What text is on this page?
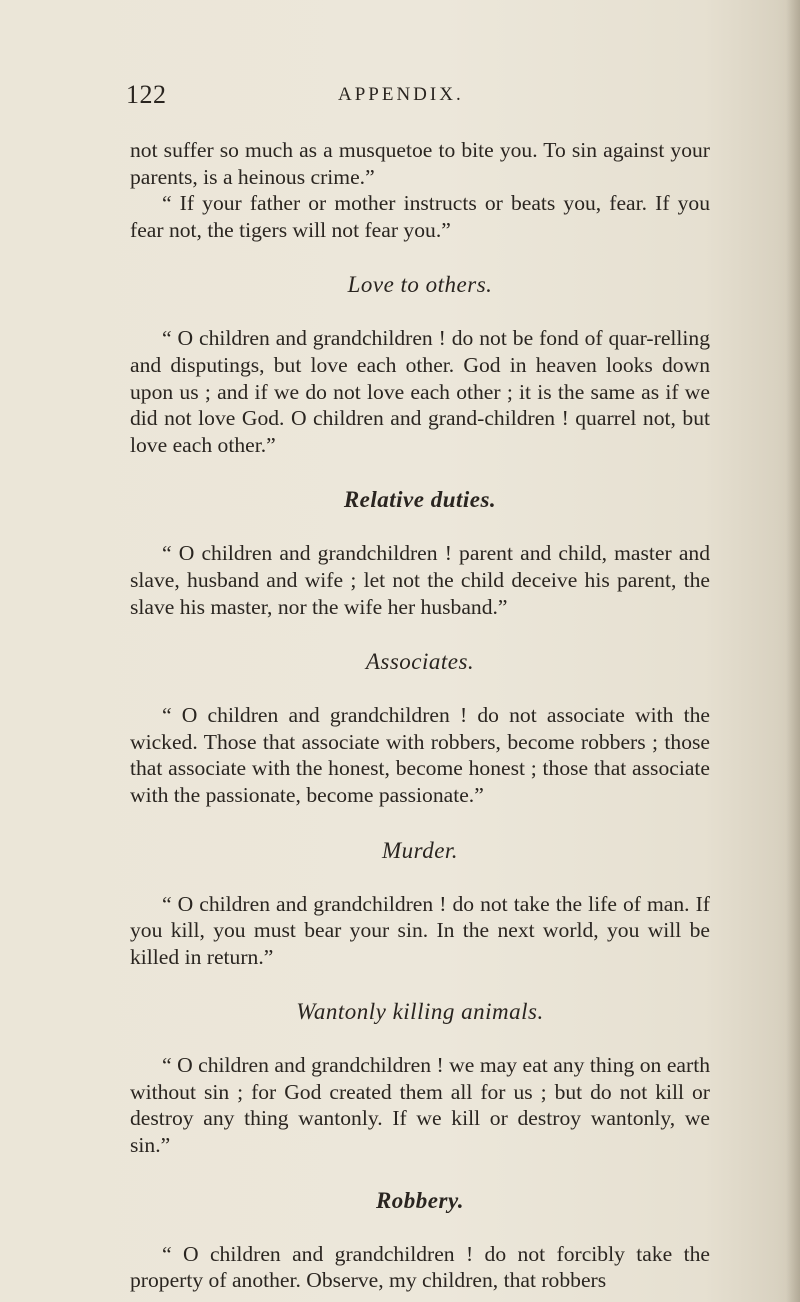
122	APPENDIX.

not suffer so much as a musquetoe to bite you. To sin against your parents, is a heinous crime.”

“ If your father or mother instructs or beats you, fear. If you fear not, the tigers will not fear you.”

Love to others.

“ O children and grandchildren ! do not be fond of quar-relling and disputings, but love each other. God in heaven looks down upon us ; and if we do not love each other ; it is the same as if we did not love God. O children and grand-children ! quarrel not, but love each other.”

Relative duties.

“ O children and grandchildren ! parent and child, master and slave, husband and wife ; let not the child deceive his parent, the slave his master, nor the wife her husband.”

Associates.

“ O children and grandchildren ! do not associate with the wicked. Those that associate with robbers, become robbers ; those that associate with the honest, become honest ; those that associate with the passionate, become passionate.”

Murder.

“ O children and grandchildren ! do not take the life of man. If you kill, you must bear your sin. In the next world, you will be killed in return.”

Wantonly killing animals.

“ O children and grandchildren ! we may eat any thing on earth without sin ; for God created them all for us ; but do not kill or destroy any thing wantonly. If we kill or destroy wantonly, we sin.”

Robbery.

“ O children and grandchildren ! do not forcibly take the property of another. Observe, my children, that robbers
